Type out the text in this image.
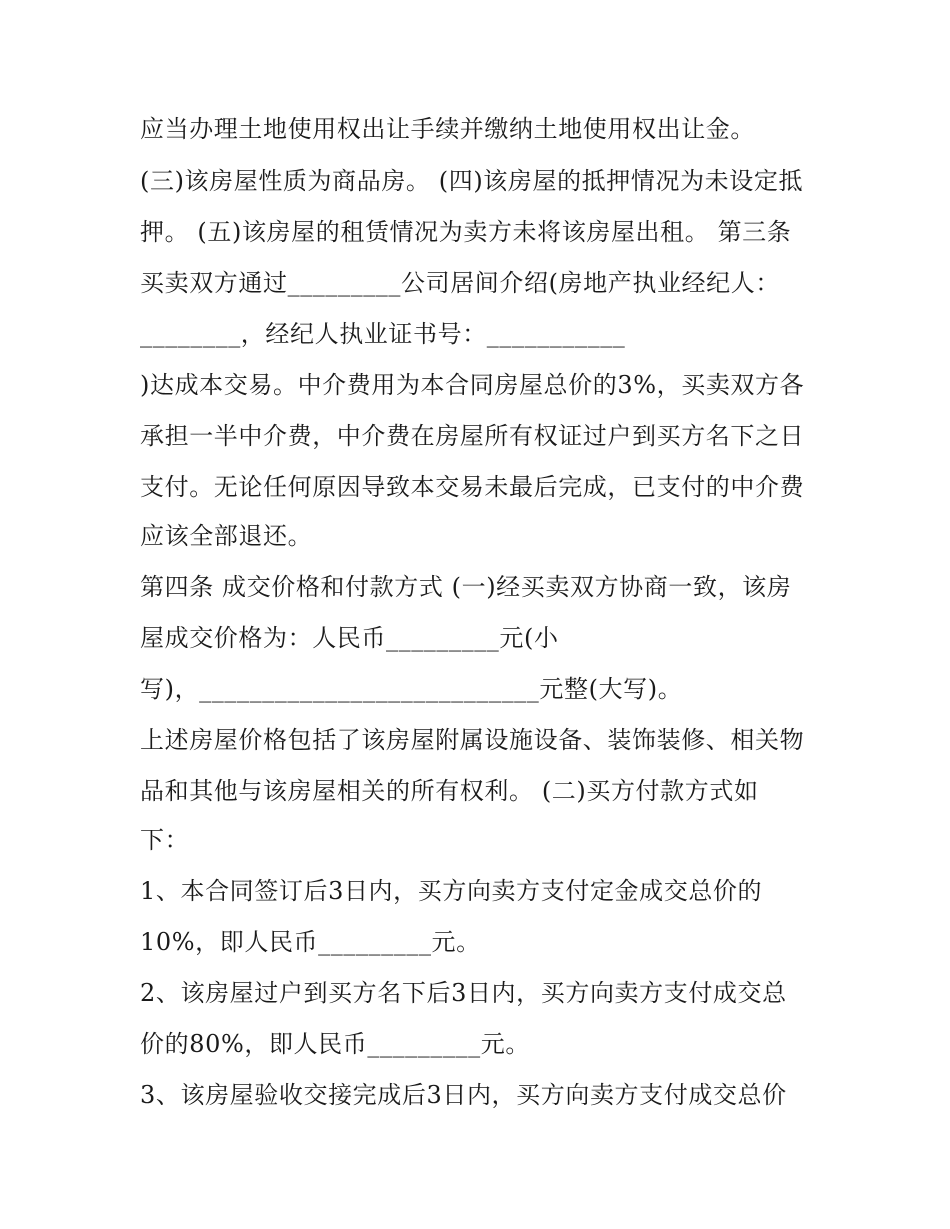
应当办理土地使用权出让手续并缴纳土地使用权出让金。
(三)该房屋性质为商品房。 (四)该房屋的抵押情况为未设定抵
押。 (五)该房屋的租赁情况为卖方未将该房屋出租。 第三条
买卖双方通过_________公司居间介绍(房地产执业经纪人：
________，经纪人执业证书号：___________
)达成本交易。中介费用为本合同房屋总价的3%，买卖双方各
承担一半中介费，中介费在房屋所有权证过户到买方名下之日
支付。无论任何原因导致本交易未最后完成，已支付的中介费
应该全部退还。
第四条 成交价格和付款方式 (一)经买卖双方协商一致，该房
屋成交价格为：人民币_________元(小
写)，___________________________元整(大写)。
上述房屋价格包括了该房屋附属设施设备、装饰装修、相关物
品和其他与该房屋相关的所有权利。 (二)买方付款方式如
下：
1、本合同签订后3日内，买方向卖方支付定金成交总价的
10%，即人民币_________元。
2、该房屋过户到买方名下后3日内，买方向卖方支付成交总
价的80%，即人民币_________元。
3、该房屋验收交接完成后3日内，买方向卖方支付成交总价
